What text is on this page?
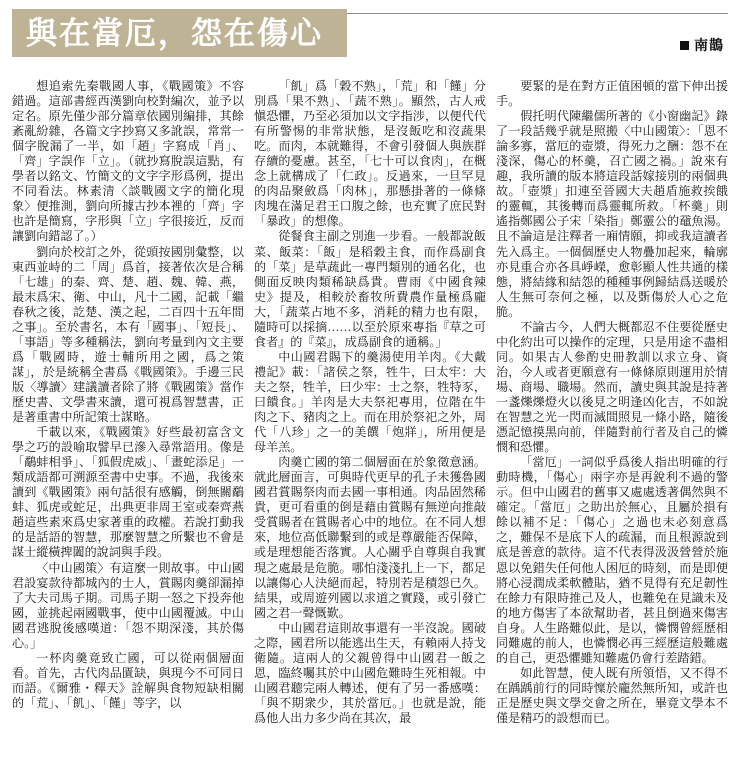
與在當厄，怨在傷心	南鵲

想追索先秦戰國人事，《戰國策》不容錯過。這部書經西漢劉向校對編次，並予以定名。原先僅少部分篇章依國別編排，其餘紊亂紛雜，各篇文字抄寫又多訛誤，常常一個字脫漏了一半，如「趙」字寫成「肖」、「齊」字誤作「立」。（就抄寫脫誤這點，有學者以銘文、竹簡文的文字字形爲例，提出不同看法。林素清〈談戰國文字的簡化現象〉便推測，劉向所據古抄本裡的「齊」字也許是簡寫，字形與「立」字很接近，反而讓劉向錯認了。）

劉向於校訂之外，從頭按國別彙整，以東西並峙的二「周」爲首，接著依次是合稱「七雄」的秦、齊、楚、趙、魏、韓、燕，最末爲宋、衛、中山，凡十二國，記載「繼春秋之後，訖楚、漢之起，二百四十五年間之事」。至於書名，本有「國事」、「短長」、「事語」等多種稱法，劉向考量到內文主要爲「戰國時，遊士輔所用之國，爲之策謀」，於是統稱全書爲《戰國策》。手邊三民版〈導讀〉建議讀者除了將《戰國策》當作歷史書、文學書來讀，還可視爲智慧書，正是著重書中所記策士謀略。

千載以來，《戰國策》好些最初富含文學之巧的設喻取譬早已滲入尋常語用。像是「鷸蚌相爭」、「狐假虎威」、「畫蛇添足」一類成語都可溯源至書中史事。不過，我後來讀到《戰國策》兩句話很有感觸，倒無關鷸蚌、狐虎或蛇足，出典更非周王室或秦齊燕趙這些素來爲史家著重的政權。若說打動我的是話語的智慧，那麼智慧之所繫也不會是謀士縱橫捭闔的說詞與手段。

〈中山國策〉有這麼一則故事。中山國君設宴款待都城內的士人，賞賜肉羹卻漏掉了大夫司馬子期。司馬子期一怒之下投奔他國，並挑起兩國戰事，使中山國覆滅。中山國君逃脫後感嘆道：「怨不期深淺，其於傷心。」

一杯肉羹竟致亡國，可以從兩個層面看。首先，古代肉品匱缺，與現今不可同日而語。《爾雅・釋天》詮解與食物短缺相關的「荒」、「飢」、「饉」等字，以

「飢」爲「穀不熟」，「荒」和「饉」分別爲「果不熟」、「蔬不熟」。顯然，古人戒愼恐懼，乃至必須加以文字指涉，以便代代有所警惕的非常狀態，是沒飯吃和沒蔬果吃。而肉，本就難得，不會引發個人與族群存續的憂慮。甚至，「七十可以食肉」，在概念上就構成了「仁政」。反過來，一旦罕見的肉品聚斂爲「肉林」，那懸掛著的一條條肉塊在滿足君王口腹之餘，也充實了庶民對「暴政」的想像。

從餐食主副之別進一步看。一般都說飯菜、飯菜：「飯」是稻穀主食，而作爲副食的「菜」是草蔬此一專門類別的通名化，也側面反映肉類稀缺爲貴。曹雨《中國食辣史》提及，相較於畜牧所費農作量極爲龐大，「蔬菜占地不多，消耗的精力也有限，隨時可以採摘……以至於原來專指『草之可食者』的『菜』，成爲副食的通稱。」

中山國君賜下的羹湯使用羊肉。《大戴禮記》載：「諸侯之祭，牲牛，曰太牢：大夫之祭，牲羊，曰少牢：士之祭，牲特豕，曰饋食。」羊肉是大夫祭祀專用，位階在牛肉之下、豬肉之上。而在用於祭祀之外，周代「八珍」之一的美饌「炮牂」，所用便是母羊羔。

肉羹亡國的第二個層面在於象徵意涵。就此層面言，可與時代更早的孔子未獲魯國國君賞賜祭肉而去國一事相通。肉品固然稀貴，更可看重的倒是藉由賞賜有無逆向推敲受賞賜者在賞賜者心中的地位。在不同人想來，地位高低聯繫到的或是尊嚴能否保障，或是理想能否落實。人心關乎自尊與自我實現之處最是危脆。哪怕淺淺扎上一下，都足以讓傷心人決絕而起，特別若是積怨已久。結果，或周遊列國以求道之實踐，或引發亡國之君一聲慨歎。

中山國君這則故事還有一半沒說。國破之際，國君所以能逃出生天，有賴兩人持戈衛隨。這兩人的父親曾得中山國君一飯之恩，臨終囑其於中山國危難時生死相報。中山國君聽完兩人轉述，便有了另一番感嘆：「與不期衆少，其於當厄。」也就是說，能爲他人出力多少尚在其次，最

要緊的是在對方正值困頓的當下伸出援手。

假托明代陳繼儒所著的《小窗幽記》錄了一段話幾乎就是照搬〈中山國策〉：「恩不論多寡，當厄的壺漿，得死力之酬：怨不在淺深，傷心的杯羹，召亡國之禍。」說來有趣，我所讀的版本將這段話嫁接別的兩個典故。「壺漿」扣連至晉國大夫趙盾施救挨餓的靈輒，其後轉而爲靈輒所救。「杯羹」則遙指鄭國公子宋「染指」鄭靈公的黿魚湯。且不論這是注釋者一廂情願，抑或我這讀者先入爲主。一個個歷史人物疊加起來，輪廓亦見重合亦各具崢嶸，愈彰顯人性共通的樣態，將結緣和結怨的種種事例歸結爲送暖於人生無可奈何之極，以及斲傷於人心之危脆。

不論古今，人們大概都忍不住要從歷史中化約出可以操作的定理，只是用途不盡相同。如果古人參酌史冊教訓以求立身、資治，今人或者更願意有一條條原則運用於情場、商場、職場。然而，讀史與其說是持著一盞爍爍燈火以後見之明逢凶化吉，不如說在智慧之光一閃而滅間照見一條小路，隨後憑記憶摸黑向前，伴隨對前行者及自己的憐憫和恐懼。

「當厄」一詞似乎爲後人指出明確的行動時機，「傷心」兩字亦是再銳利不過的警示。但中山國君的舊事又處處透著偶然與不確定。「當厄」之助出於無心，且屬於損有餘以補不足：「傷心」之過也未必刻意爲之，難保不是底下人的疏漏，而且根源說到底是善意的款待。這不代表得汲汲營營於施恩以免錯失任何他人困厄的時刻，而是即便將心浸潤成柔軟體貼，猶不見得有充足韌性在餘力有限時推己及人，也難免在見識未及的地方傷害了本欲幫助者，甚且倒過來傷害自身。人生路難似此，是以，憐憫曾經歷相同難處的前人，也憐憫必再三經歷這般難處的自己，更恐懼雖知難處仍會行差踏錯。

如此智慧，使人既有所領悟，又不得不在踽踽前行的同時懍於龐然無所知，或許也正是歷史與文學交會之所在，畢竟文學本不僅是精巧的設想而已。
